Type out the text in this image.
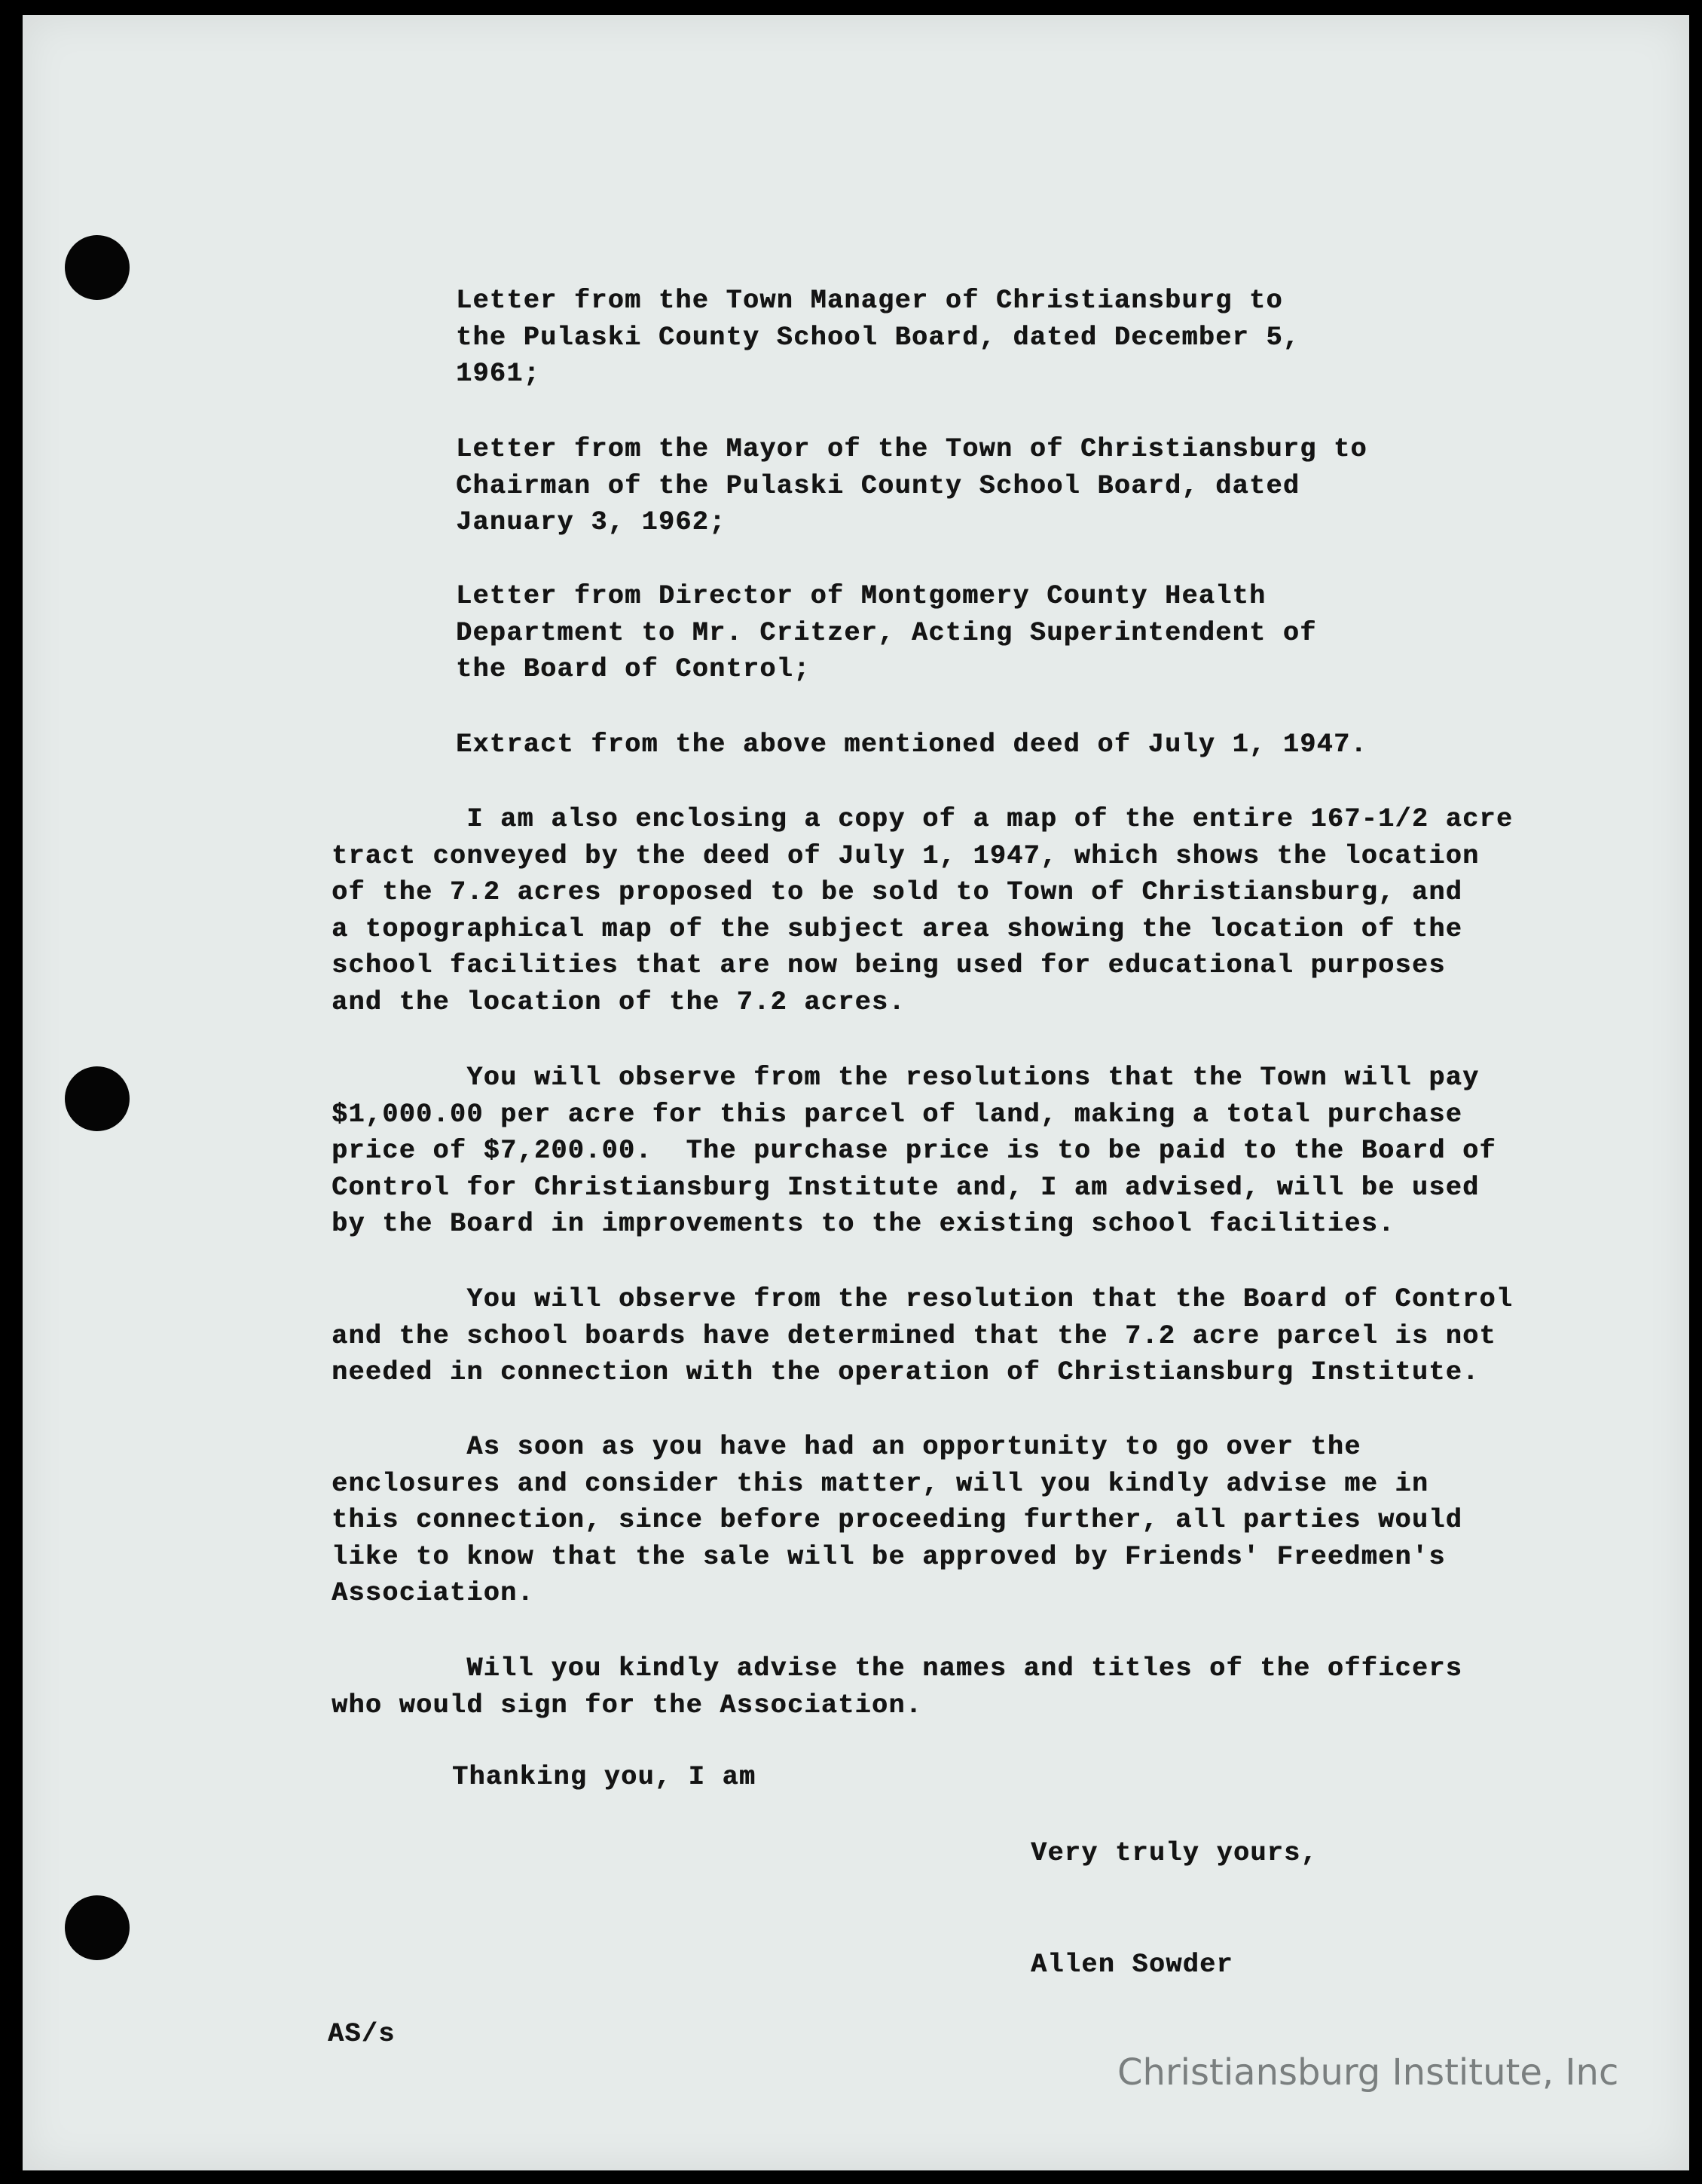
Letter from the Town Manager of Christiansburg to
the Pulaski County School Board, dated December 5,
1961;
Letter from the Mayor of the Town of Christiansburg to
Chairman of the Pulaski County School Board, dated
January 3, 1962;
Letter from Director of Montgomery County Health
Department to Mr. Critzer, Acting Superintendent of
the Board of Control;
Extract from the above mentioned deed of July 1, 1947.
I am also enclosing a copy of a map of the entire 167-1/2 acre
tract conveyed by the deed of July 1, 1947, which shows the location
of the 7.2 acres proposed to be sold to Town of Christiansburg, and
a topographical map of the subject area showing the location of the
school facilities that are now being used for educational purposes
and the location of the 7.2 acres.
You will observe from the resolutions that the Town will pay
$1,000.00 per acre for this parcel of land, making a total purchase
price of $7,200.00.  The purchase price is to be paid to the Board of
Control for Christiansburg Institute and, I am advised, will be used
by the Board in improvements to the existing school facilities.
You will observe from the resolution that the Board of Control
and the school boards have determined that the 7.2 acre parcel is not
needed in connection with the operation of Christiansburg Institute.
As soon as you have had an opportunity to go over the
enclosures and consider this matter, will you kindly advise me in
this connection, since before proceeding further, all parties would
like to know that the sale will be approved by Friends' Freedmen's
Association.
Will you kindly advise the names and titles of the officers
who would sign for the Association.
Thanking you, I am
Very truly yours,
Allen Sowder
AS/s
Christiansburg Institute, Inc
